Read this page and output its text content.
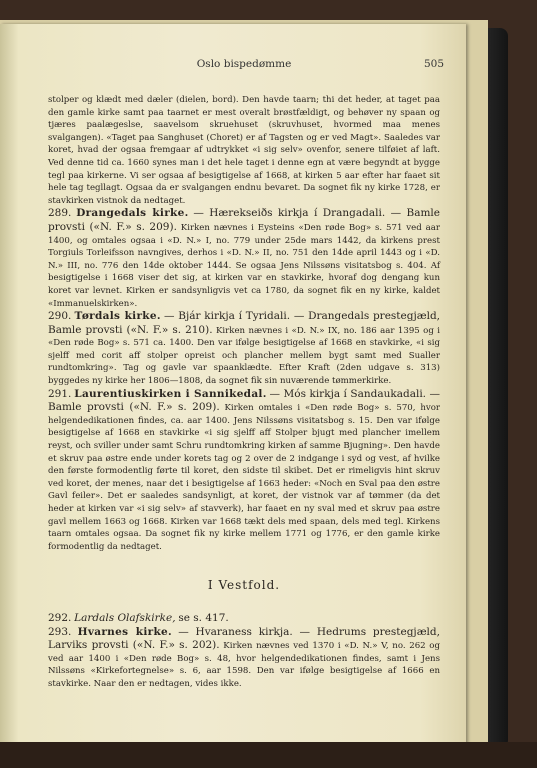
Oslo bispedømme	505

stolper og klædt med dæler (dielen, bord). Den havde taarn; thi det heder, at taget paa den gamle kirke samt paa taarnet er mest overalt brøstfældigt, og behøver ny spaan og tjæres paalægeslse, saavelsom skruehuset (skruvhuset, hvormed maa menes svalgangen). «Taget paa Sanghuset (Choret) er af Tagsten og er ved Magt». Saaledes var koret, hvad der ogsaa fremgaar af udtrykket «i sig selv» ovenfor, senere tilføiet af laft. Ved denne tid ca. 1660 synes man i det hele taget i denne egn at være begyndt at bygge tegl paa kirkerne. Vi ser ogsaa af besigtigelse af 1668, at kirken 5 aar efter har faaet sit hele tag tegllagt. Ogsaa da er svalgangen endnu bevaret. Da sognet fik ny kirke 1728, er stavkirken vistnok da nedtaget.

289. Drangedals kirke. — Hærekseiðs kirkja í Drangadali. — Bamle provsti («N. F.» s. 209). Kirken nævnes i Eysteins «Den røde Bog» s. 571 ved aar 1400, og omtales ogsaa i «D. N.» I, no. 779 under 25de mars 1442, da kirkens prest Torgiuls Torleifsson navngives, derhos i «D. N.» II, no. 751 den 14de april 1443 og i «D. N.» III, no. 776 den 14de oktober 1444. Se ogsaa Jens Nilssøns visitatsbog s. 404. Af besigtigelse i 1668 viser det sig, at kirken var en stavkirke, hvoraf dog dengang kun koret var levnet. Kirken er sandsynligvis vet ca 1780, da sognet fik en ny kirke, kaldet «Immanuelskirken».

290. Tørdals kirke. — Bjár kirkja í Tyridali. — Drangedals prestegjæld, Bamle provsti («N. F.» s. 210). Kirken nævnes i «D. N.» IX, no. 186 aar 1395 og i «Den røde Bog» s. 571 ca. 1400. Den var ifølge besigtigelse af 1668 en stavkirke, «i sig sjelff med corit aff stolper opreist och plancher mellem bygt samt med Sualler rundtomkring». Tag og gavle var spaanklædte. Efter Kraft (2den udgave s. 313) byggedes ny kirke her 1806—1808, da sognet fik sin nuværende tømmerkirke.

291. Laurentiuskirken i Sannikedal. — Mós kirkja í Sandaukadali. — Bamle provsti («N. F.» s. 209). Kirken omtales i «Den røde Bog» s. 570, hvor helgendedikationen findes, ca. aar 1400. Jens Nilssøns visitatsbog s. 15. Den var ifølge besigtigelse af 1668 en stavkirke «i sig sjelff aff Stolper bjugt med plancher imellem reyst, och sviller under samt Schru rundtomkring kirken af samme Bjugning». Den havde et skruv paa østre ende under korets tag og 2 over de 2 indgange i syd og vest, af hvilke den første formodentlig førte til koret, den sidste til skibet. Det er rimeligvis hint skruv ved koret, der menes, naar det i besigtigelse af 1663 heder: «Noch en Sval paa den østre Gavl feiler». Det er saaledes sandsynligt, at koret, der vistnok var af tømmer (da det heder at kirken var «i sig selv» af stavverk), har faaet en ny sval med et skruv paa østre gavl mellem 1663 og 1668. Kirken var 1668 tækt dels med spaan, dels med tegl. Kirkens taarn omtales ogsaa. Da sognet fik ny kirke mellem 1771 og 1776, er den gamle kirke formodentlig da nedtaget.

I Vestfold.

292. Lardals Olafskirke, se s. 417.

293. Hvarnes kirke. — Hvaraness kirkja. — Hedrums prestegjæld, Larviks provsti («N. F.» s. 202). Kirken nævnes ved 1370 i «D. N.» V, no. 262 og ved aar 1400 i «Den røde Bog» s. 48, hvor helgendedikationen findes, samt i Jens Nilssøns «Kirkefortegnelse» s. 6, aar 1598. Den var ifølge besigtigelse af 1666 en stavkirke. Naar den er nedtagen, vides ikke.
